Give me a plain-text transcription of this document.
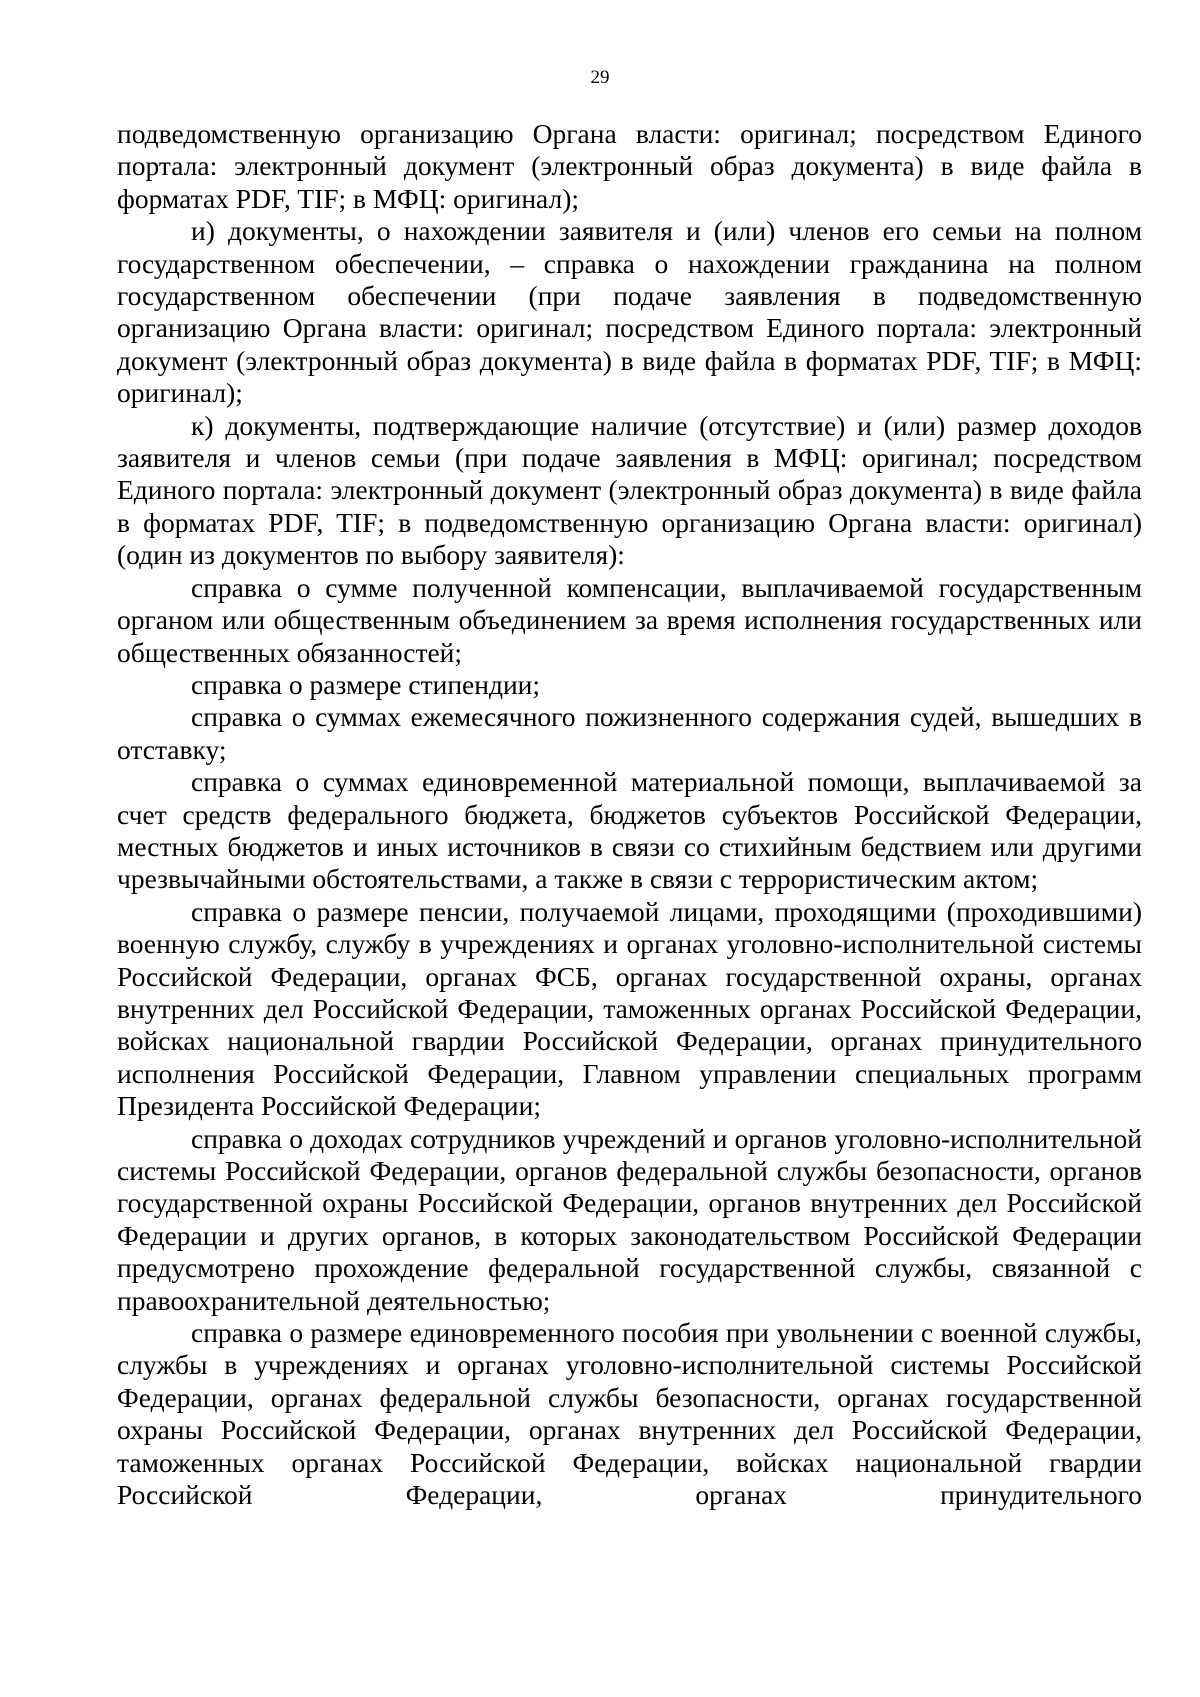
29

подведомственную организацию Органа власти: оригинал; посредством Единого портала: электронный документ (электронный образ документа) в виде файла в форматах PDF, TIF; в МФЦ: оригинал);

и) документы, о нахождении заявителя и (или) членов его семьи на полном государственном обеспечении, – справка о нахождении гражданина на полном государственном обеспечении (при подаче заявления в подведомственную организацию Органа власти: оригинал; посредством Единого портала: электронный документ (электронный образ документа) в виде файла в форматах PDF, TIF; в МФЦ: оригинал);

к) документы, подтверждающие наличие (отсутствие) и (или) размер доходов заявителя и членов семьи (при подаче заявления в МФЦ: оригинал; посредством Единого портала: электронный документ (электронный образ документа) в виде файла в форматах PDF, TIF; в подведомственную организацию Органа власти: оригинал) (один из документов по выбору заявителя):

справка о сумме полученной компенсации, выплачиваемой государственным органом или общественным объединением за время исполнения государственных или общественных обязанностей;

справка о размере стипендии;

справка о суммах ежемесячного пожизненного содержания судей, вышедших в отставку;

справка о суммах единовременной материальной помощи, выплачиваемой за счет средств федерального бюджета, бюджетов субъектов Российской Федерации, местных бюджетов и иных источников в связи со стихийным бедствием или другими чрезвычайными обстоятельствами, а также в связи с террористическим актом;

справка о размере пенсии, получаемой лицами, проходящими (проходившими) военную службу, службу в учреждениях и органах уголовно-исполнительной системы Российской Федерации, органах ФСБ, органах государственной охраны, органах внутренних дел Российской Федерации, таможенных органах Российской Федерации, войсках национальной гвардии Российской Федерации, органах принудительного исполнения Российской Федерации, Главном управлении специальных программ Президента Российской Федерации;

справка о доходах сотрудников учреждений и органов уголовно-исполнительной системы Российской Федерации, органов федеральной службы безопасности, органов государственной охраны Российской Федерации, органов внутренних дел Российской Федерации и других органов, в которых законодательством Российской Федерации предусмотрено прохождение федеральной государственной службы, связанной с правоохранительной деятельностью;

справка о размере единовременного пособия при увольнении с военной службы, службы в учреждениях и органах уголовно-исполнительной системы Российской Федерации, органах федеральной службы безопасности, органах государственной охраны Российской Федерации, органах внутренних дел Российской Федерации, таможенных органах Российской Федерации, войсках национальной гвардии Российской Федерации, органах принудительного
